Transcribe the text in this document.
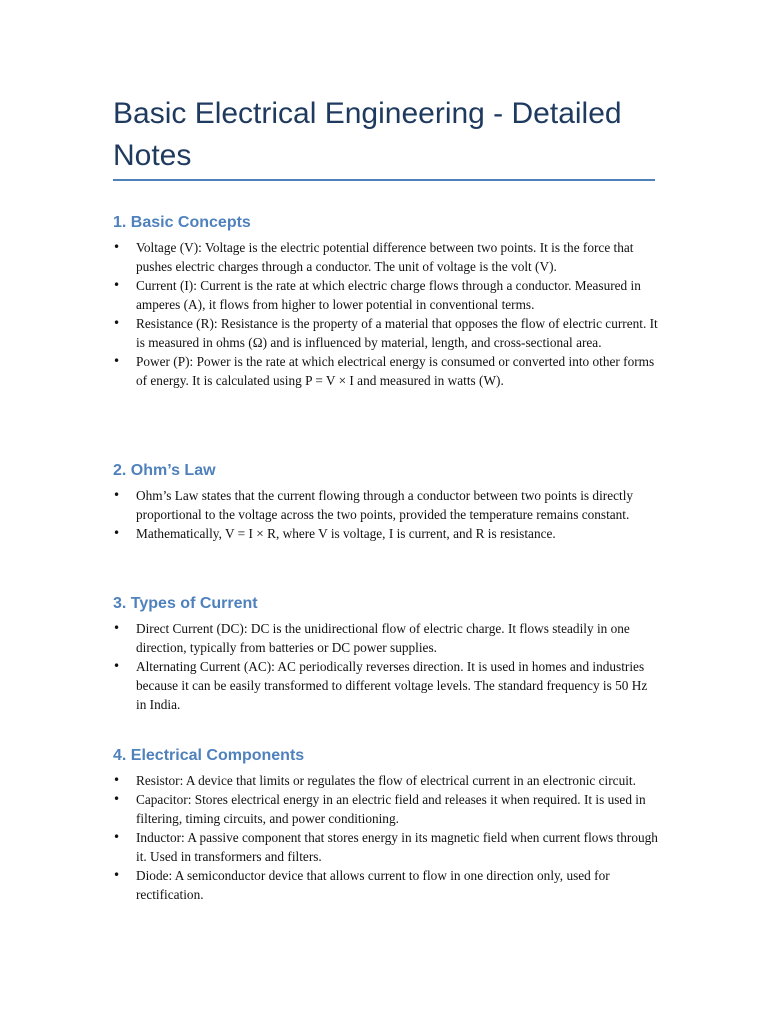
Basic Electrical Engineering - Detailed Notes
1. Basic Concepts
• Voltage (V): Voltage is the electric potential difference between two points. It is the force that pushes electric charges through a conductor. The unit of voltage is the volt (V).
• Current (I): Current is the rate at which electric charge flows through a conductor. Measured in amperes (A), it flows from higher to lower potential in conventional terms.
• Resistance (R): Resistance is the property of a material that opposes the flow of electric current. It is measured in ohms (Ω) and is influenced by material, length, and cross-sectional area.
• Power (P): Power is the rate at which electrical energy is consumed or converted into other forms of energy. It is calculated using P = V × I and measured in watts (W).
2. Ohm’s Law
• Ohm’s Law states that the current flowing through a conductor between two points is directly proportional to the voltage across the two points, provided the temperature remains constant.
• Mathematically, V = I × R, where V is voltage, I is current, and R is resistance.
3. Types of Current
• Direct Current (DC): DC is the unidirectional flow of electric charge. It flows steadily in one direction, typically from batteries or DC power supplies.
• Alternating Current (AC): AC periodically reverses direction. It is used in homes and industries because it can be easily transformed to different voltage levels. The standard frequency is 50 Hz in India.
4. Electrical Components
• Resistor: A device that limits or regulates the flow of electrical current in an electronic circuit.
• Capacitor: Stores electrical energy in an electric field and releases it when required. It is used in filtering, timing circuits, and power conditioning.
• Inductor: A passive component that stores energy in its magnetic field when current flows through it. Used in transformers and filters.
• Diode: A semiconductor device that allows current to flow in one direction only, used for rectification.
